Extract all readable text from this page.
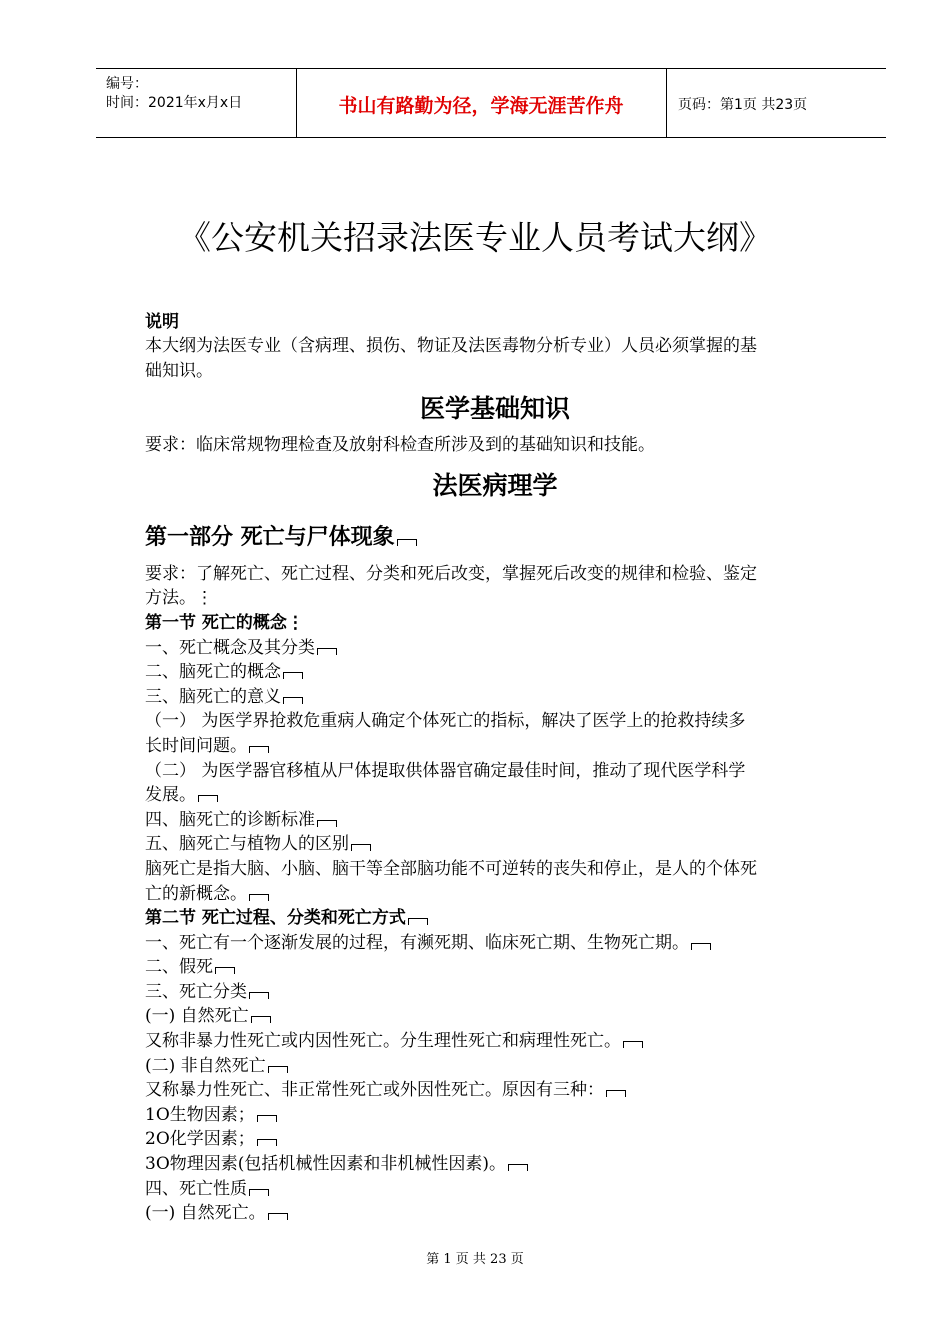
编号：
时间：2021年x月x日	书山有路勤为径，学海无涯苦作舟	页码：第1页 共23页
《公安机关招录法医专业人员考试大纲》
说明
本大纲为法医专业（含病理、损伤、物证及法医毒物分析专业）人员必须掌握的基
础知识。
医学基础知识
要求：临床常规物理检查及放射科检查所涉及到的基础知识和技能。
法医病理学
第一部分 死亡与尸体现象
要求：了解死亡、死亡过程、分类和死后改变，掌握死后改变的规律和检验、鉴定
方法。⋮
第一节 死亡的概念⋮
一、死亡概念及其分类
二、脑死亡的概念
三、脑死亡的意义
（一） 为医学界抢救危重病人确定个体死亡的指标，解决了医学上的抢救持续多
长时间问题。
（二） 为医学器官移植从尸体提取供体器官确定最佳时间，推动了现代医学科学
发展。
四、脑死亡的诊断标准
五、脑死亡与植物人的区别
脑死亡是指大脑、小脑、脑干等全部脑功能不可逆转的丧失和停止，是人的个体死
亡的新概念。
第二节 死亡过程、分类和死亡方式
一、死亡有一个逐渐发展的过程，有濒死期、临床死亡期、生物死亡期。
二、假死
三、死亡分类
(一) 自然死亡
又称非暴力性死亡或内因性死亡。分生理性死亡和病理性死亡。
(二) 非自然死亡
又称暴力性死亡、非正常性死亡或外因性死亡。原因有三种：
1O生物因素；
2O化学因素；
3O物理因素(包括机械性因素和非机械性因素)。
四、死亡性质
(一) 自然死亡。
第 1 页 共 23 页
